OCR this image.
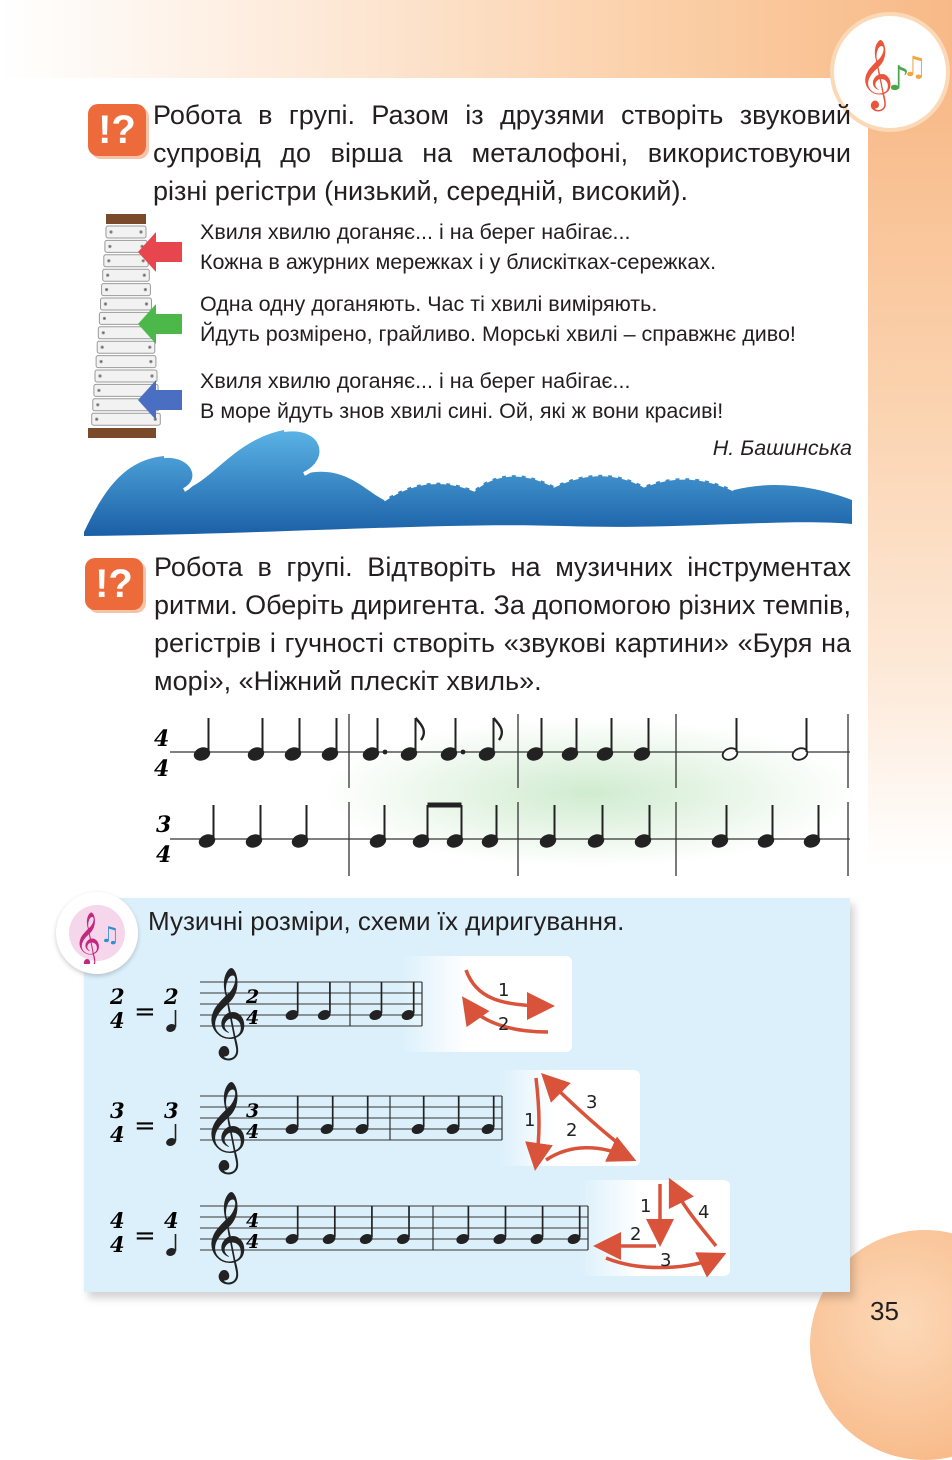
𝄞
♪
♫
!? Робота в групі. Разом із друзями створіть звуковий супровід до вірша на металофоні, використовуючи різні регістри (низький, середній, високий).
Хвиля хвилю доганяє... і на берег набігає...
Кожна в ажурних мережках і у блискітках-сережках.
Одна одну доганяють. Час ті хвилі виміряють.
Йдуть розмірено, грайливо. Морські хвилі – справжнє диво!
Хвиля хвилю доганяє... і на берег набігає...
В море йдуть знов хвилі сині. Ой, які ж вони красиві!
Н. Башинська
!? Робота в групі. Відтворіть на музичних інструментах ритми. Оберіть диригента. За допомогою різних темпів, регістрів і гучності створіть «звукові картини» «Буря на морі», «Ніжний плескіт хвиль».
4
4
3
4
𝄞
♫ Музичні розміри, схеми їх диригування.
2
4 =
2 𝄞
2
4
1
2
3
4 =
3 𝄞
3
4
1 2
3
4
4 =
4 𝄞
4
4
1
2
3
4
35
